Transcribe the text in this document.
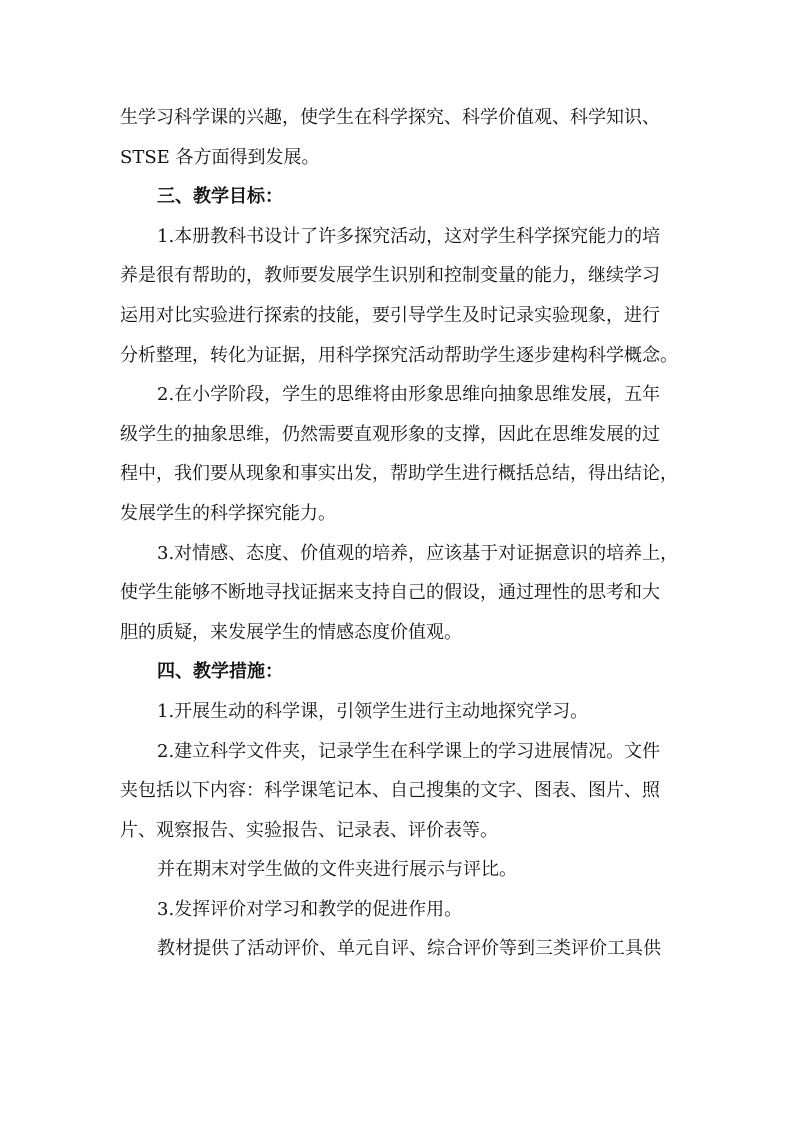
生学习科学课的兴趣，使学生在科学探究、科学价值观、科学知识、
STSE 各方面得到发展。
三、教学目标：
1.本册教科书设计了许多探究活动，这对学生科学探究能力的培
养是很有帮助的，教师要发展学生识别和控制变量的能力，继续学习
运用对比实验进行探索的技能，要引导学生及时记录实验现象，进行
分析整理，转化为证据，用科学探究活动帮助学生逐步建构科学概念。
2.在小学阶段，学生的思维将由形象思维向抽象思维发展，五年
级学生的抽象思维，仍然需要直观形象的支撑，因此在思维发展的过
程中，我们要从现象和事实出发，帮助学生进行概括总结，得出结论，
发展学生的科学探究能力。
3.对情感、态度、价值观的培养，应该基于对证据意识的培养上，
使学生能够不断地寻找证据来支持自己的假设，通过理性的思考和大
胆的质疑，来发展学生的情感态度价值观。
四、教学措施：
1.开展生动的科学课，引领学生进行主动地探究学习。
2.建立科学文件夹，记录学生在科学课上的学习进展情况。文件
夹包括以下内容：科学课笔记本、自己搜集的文字、图表、图片、照
片、观察报告、实验报告、记录表、评价表等。
并在期末对学生做的文件夹进行展示与评比。
3.发挥评价对学习和教学的促进作用。
教材提供了活动评价、单元自评、综合评价等到三类评价工具供
